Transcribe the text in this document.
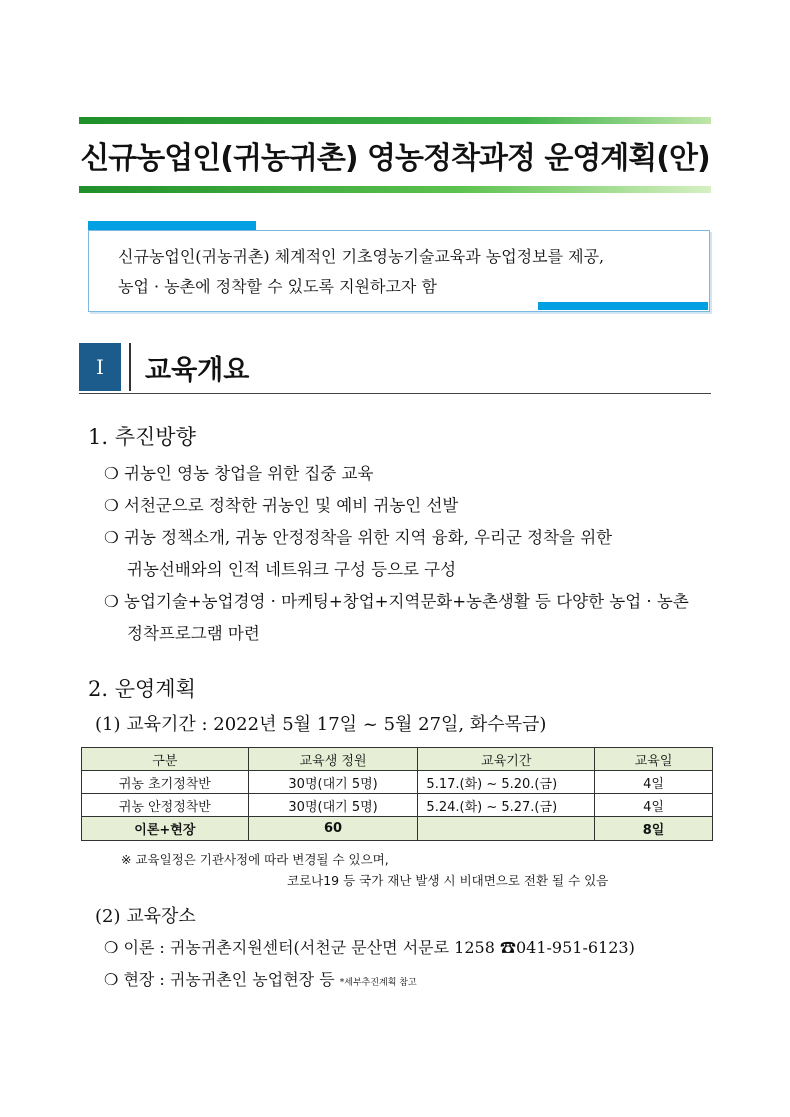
신규농업인(귀농귀촌) 영농정착과정 운영계획(안)
신규농업인(귀농귀촌) 체계적인 기초영농기술교육과 농업정보를 제공,
농업 · 농촌에 정착할 수 있도록 지원하고자 함
Ⅰ	교육개요
1. 추진방향
❍ 귀농인 영농 창업을 위한 집중 교육
❍ 서천군으로 정착한 귀농인 및 예비 귀농인 선발
❍ 귀농 정책소개, 귀농 안정정착을 위한 지역 융화, 우리군 정착을 위한
귀농선배와의 인적 네트워크 구성 등으로 구성
❍ 농업기술+농업경영 · 마케팅+창업+지역문화+농촌생활 등 다양한 농업 · 농촌
정착프로그램 마련
2. 운영계획
(1) 교육기간 : 2022년 5월 17일 ~ 5월 27일, 화수목금)
구분	교육생 정원	교육기간	교육일
귀농 초기정착반	30명(대기 5명)	5.17.(화) ~ 5.20.(금)	4일
귀농 안정정착반	30명(대기 5명)	5.24.(화) ~ 5.27.(금)	4일
이론+현장	60		8일
※ 교육일정은 기관사정에 따라 변경될 수 있으며,
코로나19 등 국가 재난 발생 시 비대면으로 전환 될 수 있음
(2) 교육장소
❍ 이론 : 귀농귀촌지원센터(서천군 문산면 서문로 1258 ☎041-951-6123)
❍ 현장 : 귀농귀촌인 농업현장 등 *세부추진계획 참고
